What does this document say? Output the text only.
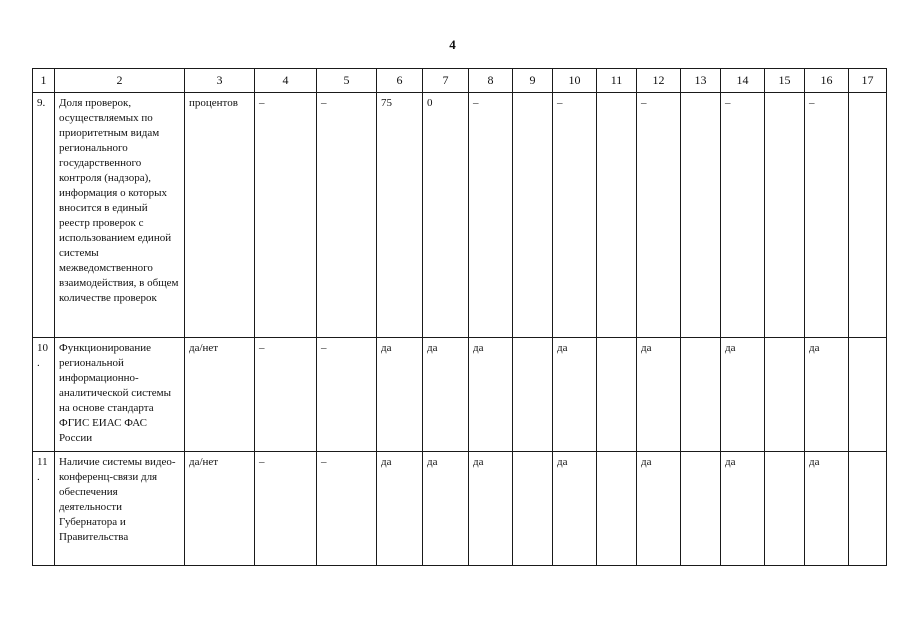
4
1	2	3	4	5	6	7	8	9	10	11	12	13	14	15	16	17
9.	Доля проверок, осуществляемых по приоритетным видам регионального государственного контроля (надзора), информация о которых вносится в единый реестр проверок с использованием единой системы межведомственного взаимодействия, в общем количестве проверок	процентов	–	–	75	0	–		–		–		–		–	
10.	Функционирование региональной информационно-аналитической системы на основе стандарта ФГИС ЕИАС ФАС России	да/нет	–	–	да	да	да		да		да		да		да	
11.	Наличие системы видео-конференц-связи для обеспечения деятельности Губернатора и Правительства	да/нет	–	–	да	да	да		да		да		да		да	
